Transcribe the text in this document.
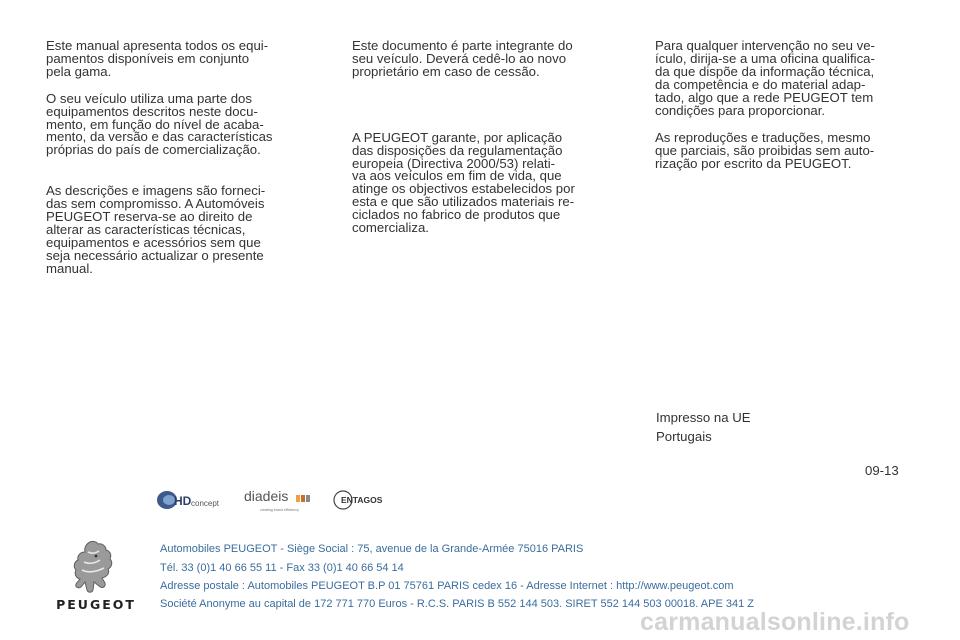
Este manual apresenta todos os equi-
pamentos disponíveis em conjunto
pela gama.

O seu veículo utiliza uma parte dos
equipamentos descritos neste docu-
mento, em função do nível de acaba-
mento, da versão e das características
próprias do país de comercialização.

As descrições e imagens são forneci-
das sem compromisso. A Automóveis
PEUGEOT reserva-se ao direito de
alterar as características técnicas,
equipamentos e acessórios sem que
seja necessário actualizar o presente
manual.

Este documento é parte integrante do
seu veículo. Deverá cedê-lo ao novo
proprietário em caso de cessão.

A PEUGEOT garante, por aplicação
das disposições da regulamentação
europeia (Directiva 2000/53) relati-
va aos veículos em fim de vida, que
atinge os objectivos estabelecidos por
esta e que são utilizados materiais re-
ciclados no fabrico de produtos que
comercializa.

Para qualquer intervenção no seu ve-
ículo, dirija-se a uma oficina qualifica-
da que dispõe da informação técnica,
da competência e do material adap-
tado, algo que a rede PEUGEOT tem
condições para proporcionar.

As reproduções e traduções, mesmo
que parciais, são proibidas sem auto-
rização por escrito da PEUGEOT.

Impresso na UE
Portugais
09-13
HD concept diadeis
creating brand efficiency
ENTAGOS
PEUGEOT
Automobiles PEUGEOT - Siège Social : 75, avenue de la Grande-Armée 75016 PARIS
Tél. 33 (0)1 40 66 55 11 - Fax 33 (0)1 40 66 54 14
Adresse postale : Automobiles PEUGEOT B.P 01 75761 PARIS cedex 16 - Adresse Internet : http://www.peugeot.com
Société Anonyme au capital de 172 771 770 Euros - R.C.S. PARIS B 552 144 503. SIRET 552 144 503 00018. APE 341 Z
carmanualsonline.info
